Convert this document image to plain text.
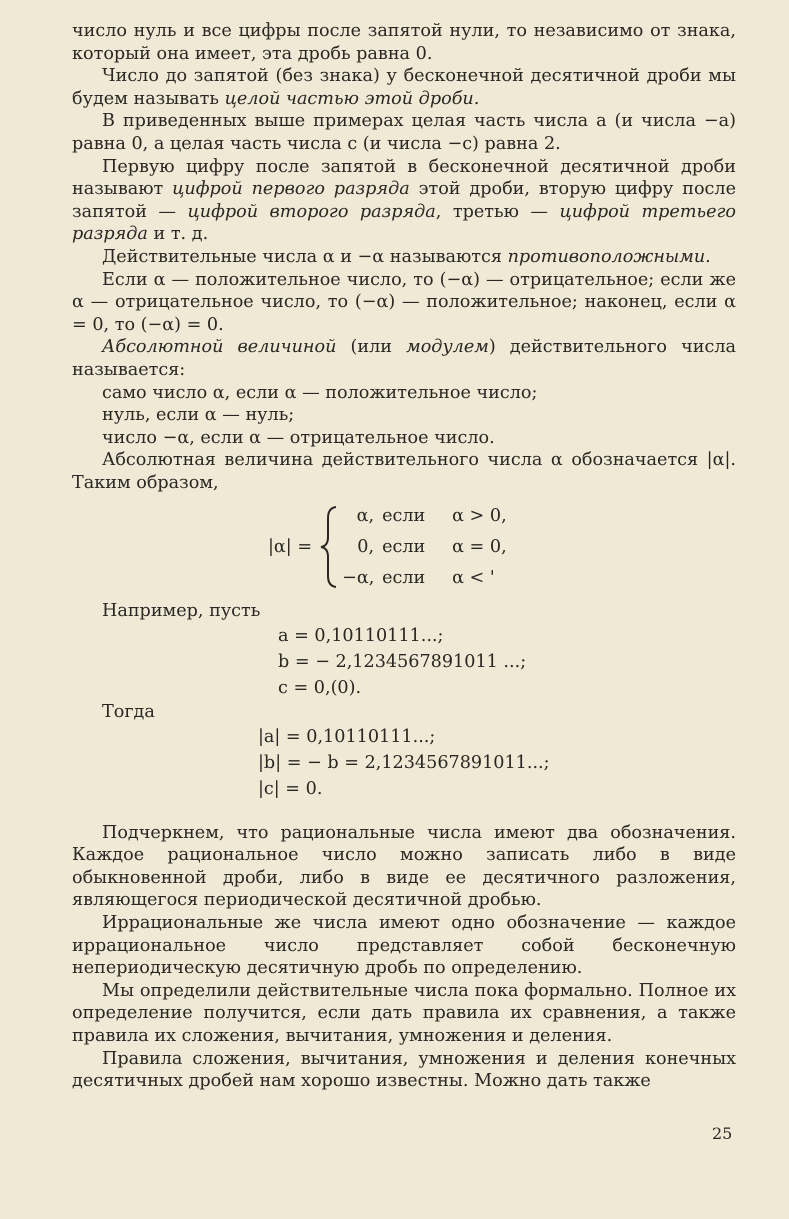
число нуль и все цифры после запятой нули, то независимо от знака, который она имеет, эта дробь равна 0.

Число до запятой (без знака) у бесконечной десятичной дроби мы будем называть целой частью этой дроби.

В приведенных выше примерах целая часть числа a (и числа −a) равна 0, а целая часть числа c (и числа −c) равна 2.

Первую цифру после запятой в бесконечной десятичной дроби называют цифрой первого разряда этой дроби, вторую цифру после запятой — цифрой второго разряда, третью — цифрой третьего разряда и т. д.

Действительные числа α и −α называются противоположными.

Если α — положительное число, то (−α) — отрицательное; если же α — отрицательное число, то (−α) — положительное; наконец, если α = 0, то (−α) = 0.

Абсолютной величиной (или модулем) действительного числа называется:

само число α, если α — положительное число;

нуль, если α — нуль;

число −α, если α — отрицательное число.

Абсолютная величина действительного числа α обозначается |α|. Таким образом,

|α| =
α, если	α > 0,
0, если	α = 0,
−α, если	α < '

Например, пусть

a = 0,10110111...;
b = − 2,1234567891011 ...;
c = 0,(0).

Тогда

|a| = 0,10110111...;
|b| = − b = 2,1234567891011...;
|c| = 0.

Подчеркнем, что рациональные числа имеют два обозначения. Каждое рациональное число можно записать либо в виде обыкновенной дроби, либо в виде ее десятичного разложения, являющегося периодической десятичной дробью.

Иррациональные же числа имеют одно обозначение — каждое иррациональное число представляет собой бесконечную непериодическую десятичную дробь по определению.

Мы определили действительные числа пока формально. Полное их определение получится, если дать правила их сравнения, а также правила их сложения, вычитания, умножения и деления.

Правила сложения, вычитания, умножения и деления конечных десятичных дробей нам хорошо известны. Можно дать также

25
